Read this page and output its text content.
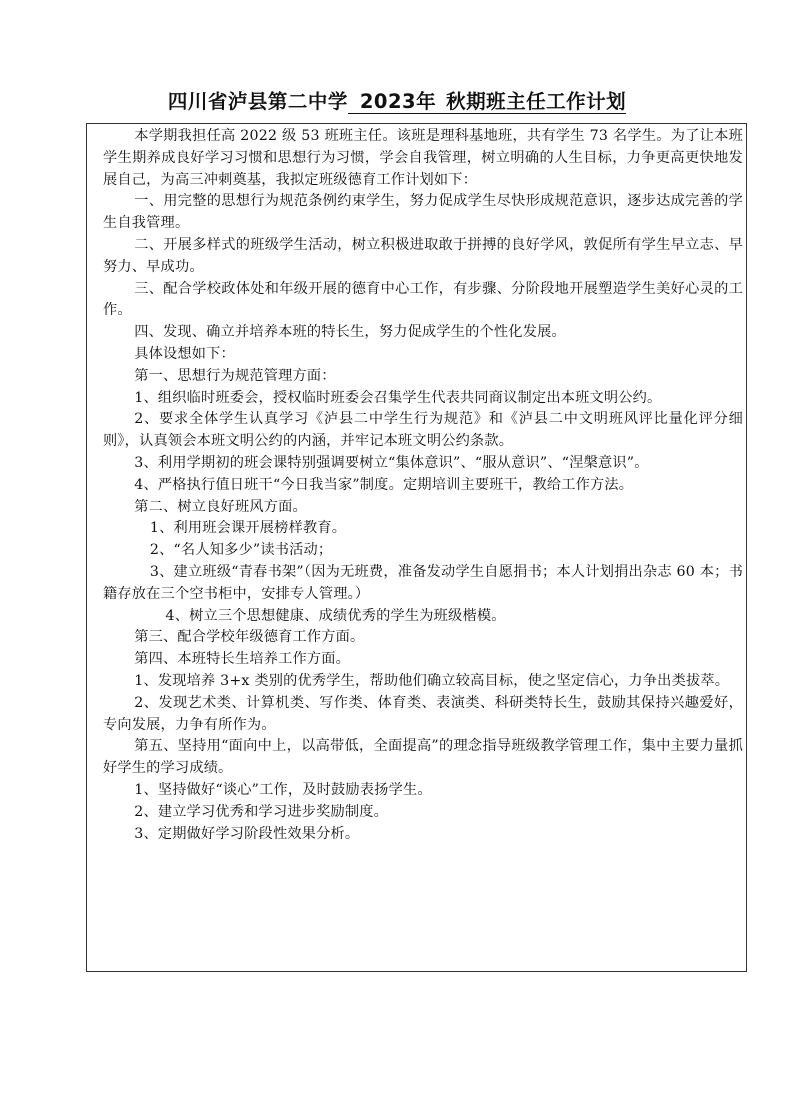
四川省泸县第二中学 2023年 秋期班主任工作计划

本学期我担任高 2022 级 53 班班主任。该班是理科基地班，共有学生 73 名学生。为了让本班学生期养成良好学习习惯和思想行为习惯，学会自我管理，树立明确的人生目标，力争更高更快地发展自己，为高三冲刺奠基，我拟定班级德育工作计划如下：

一、用完整的思想行为规范条例约束学生，努力促成学生尽快形成规范意识，逐步达成完善的学生自我管理。

二、开展多样式的班级学生活动，树立积极进取敢于拼搏的良好学风，敦促所有学生早立志、早努力、早成功。

三、配合学校政体处和年级开展的德育中心工作，有步骤、分阶段地开展塑造学生美好心灵的工作。

四、发现、确立并培养本班的特长生，努力促成学生的个性化发展。

具体设想如下：

第一、思想行为规范管理方面：

1、组织临时班委会，授权临时班委会召集学生代表共同商议制定出本班文明公约。

2、要求全体学生认真学习《泸县二中学生行为规范》和《泸县二中文明班风评比量化评分细则》，认真领会本班文明公约的内涵，并牢记本班文明公约条款。

3、利用学期初的班会课特别强调要树立“集体意识”、“服从意识”、“涅槃意识”。

4、严格执行值日班干“今日我当家”制度。定期培训主要班干，教给工作方法。

第二、树立良好班风方面。

1、利用班会课开展榜样教育。

2、“名人知多少”读书活动；

3、建立班级“青春书架”（因为无班费，准备发动学生自愿捐书；本人计划捐出杂志 60 本；书籍存放在三个空书柜中，安排专人管理。）

4、树立三个思想健康、成绩优秀的学生为班级楷模。

第三、配合学校年级德育工作方面。

第四、本班特长生培养工作方面。

1、发现培养 3+x 类别的优秀学生，帮助他们确立较高目标，使之坚定信心，力争出类拔萃。

2、发现艺术类、计算机类、写作类、体育类、表演类、科研类特长生，鼓励其保持兴趣爱好，专向发展，力争有所作为。

第五、坚持用“面向中上，以高带低，全面提高”的理念指导班级教学管理工作，集中主要力量抓好学生的学习成绩。

1、坚持做好“谈心”工作，及时鼓励表扬学生。

2、建立学习优秀和学习进步奖励制度。

3、定期做好学习阶段性效果分析。
